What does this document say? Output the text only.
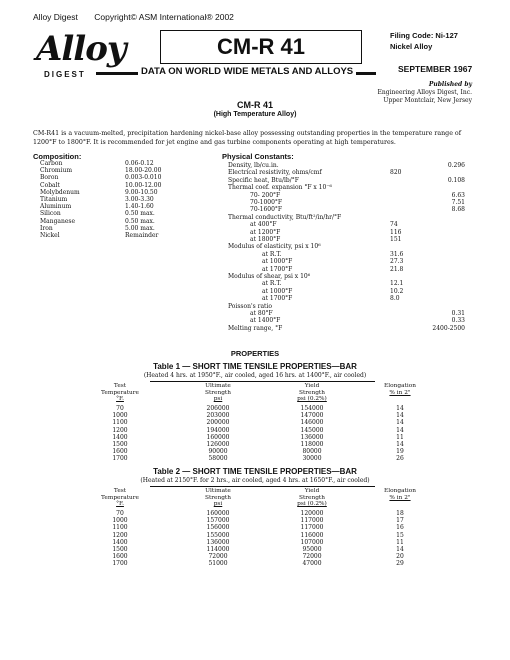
Alloy Digest Copyright© ASM International® 2002
Alloy
DIGEST
CM-R 41	Filing Code: Ni-127
Nickel Alloy
DATA ON WORLD WIDE METALS AND ALLOYS	SEPTEMBER 1967
Published by
Engineering Alloys Digest, Inc.
Upper Montclair, New Jersey
CM-R 41
(High Temperature Alloy)
CM-R41 is a vacuum-melted, precipitation hardening nickel-base alloy possessing outstanding properties in the temperature range of 1200°F to 1800°F. It is recommended for jet engine and gas turbine components operating at high temperatures.
Composition:
Carbon	0.06-0.12
Chromium	18.00-20.00
Boron	0.003-0.010
Cobalt	10.00-12.00
Molybdenum	9.00-10.50
Titanium	3.00-3.30
Aluminum	1.40-1.60
Silicon	0.50 max.
Manganese	0.50 max.
Iron	5.00 max.
Nickel	Remainder
Physical Constants:
Density, lb/cu.in.	0.296
Electrical resistivity, ohms/cmf	820
Specific heat, Btu/lb/°F	0.108
Thermal coef. expansion °F x 10⁻⁶
70- 200°F	6.63
70-1000°F	7.51
70-1600°F	8.68
Thermal conductivity, Btu/ft²/in/hr/°F
at 400°F	74
at 1200°F	116
at 1800°F	151
Modulus of elasticity, psi x 10⁶
at R.T.	31.6
at 1000°F	27.3
at 1700°F	21.8
Modulus of shear, psi x 10⁶
at R.T.	12.1
at 1000°F	10.2
at 1700°F	8.0
Poisson's ratio
at 80°F	0.31
at 1400°F	0.33
Melting range, °F	2400-2500
PROPERTIES
Table 1 — SHORT TIME TENSILE PROPERTIES—BAR
(Heated 4 hrs. at 1950°F., air cooled, aged 16 hrs. at 1400°F., air cooled)
Test
Temperature
°F.
Ultimate
Strength
psi
Yield
Strength
psi (0.2%)
Elongation
% in 2"
70	206000	154000	14
1000	203000	147000	14
1100	200000	146000	14
1200	194000	145000	14
1400	160000	136000	11
1500	126000	118000	14
1600	90000	80000	19
1700	58000	30000	26
Table 2 — SHORT TIME TENSILE PROPERTIES—BAR
(Heated at 2150°F. for 2 hrs., air cooled, aged 4 hrs. at 1650°F., air cooled)
Test
Temperature
°F.
Ultimate
Strength
psi
Yield
Strength
psi (0.2%)
Elongation
% in 2"
70	160000	120000	18
1000	157000	117000	17
1100	156000	117000	16
1200	155000	116000	15
1400	136000	107000	11
1500	114000	95000	14
1600	72000	72000	20
1700	51000	47000	29
